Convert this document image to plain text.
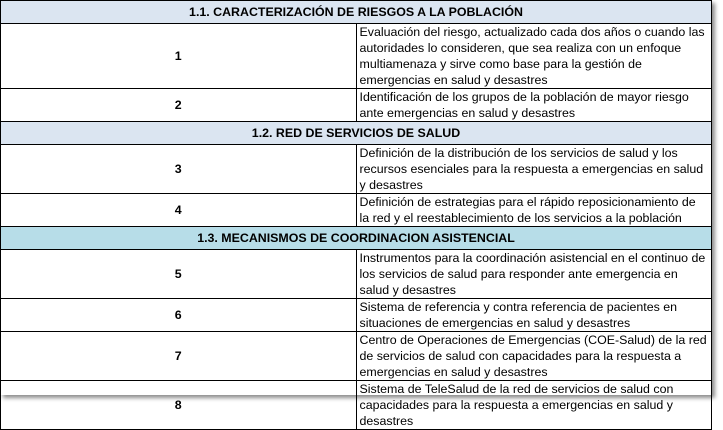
1.1. CARACTERIZACIÓN DE RIESGOS A LA POBLACIÓN	
1	Evaluación del riesgo, actualizado cada dos años o cuando las autoridades lo consideren, que sea realiza con un enfoque multiamenaza y sirve como base para la gestión de emergencias en salud y desastres
2	Identificación de los grupos de la población de mayor riesgo ante emergencias en salud y desastres
1.2. RED DE SERVICIOS DE SALUD	
3	Definición de la distribución de los servicios de salud y los recursos esenciales para la respuesta a emergencias en salud y desastres
4	Definición de estrategias para el rápido reposicionamiento de la red y el reestablecimiento de los servicios a la población
1.3. MECANISMOS DE COORDINACION ASISTENCIAL	
5	Instrumentos para la coordinación asistencial en el continuo de los servicios de salud para responder ante emergencia en salud y desastres
6	Sistema de referencia y contra referencia de pacientes en situaciones de emergencias en salud y desastres
7	Centro de Operaciones de Emergencias (COE-Salud) de la red de servicios de salud con capacidades para la respuesta a emergencias en salud y desastres
8	Sistema de TeleSalud de la red de servicios de salud con capacidades para la respuesta a emergencias en salud y desastres
